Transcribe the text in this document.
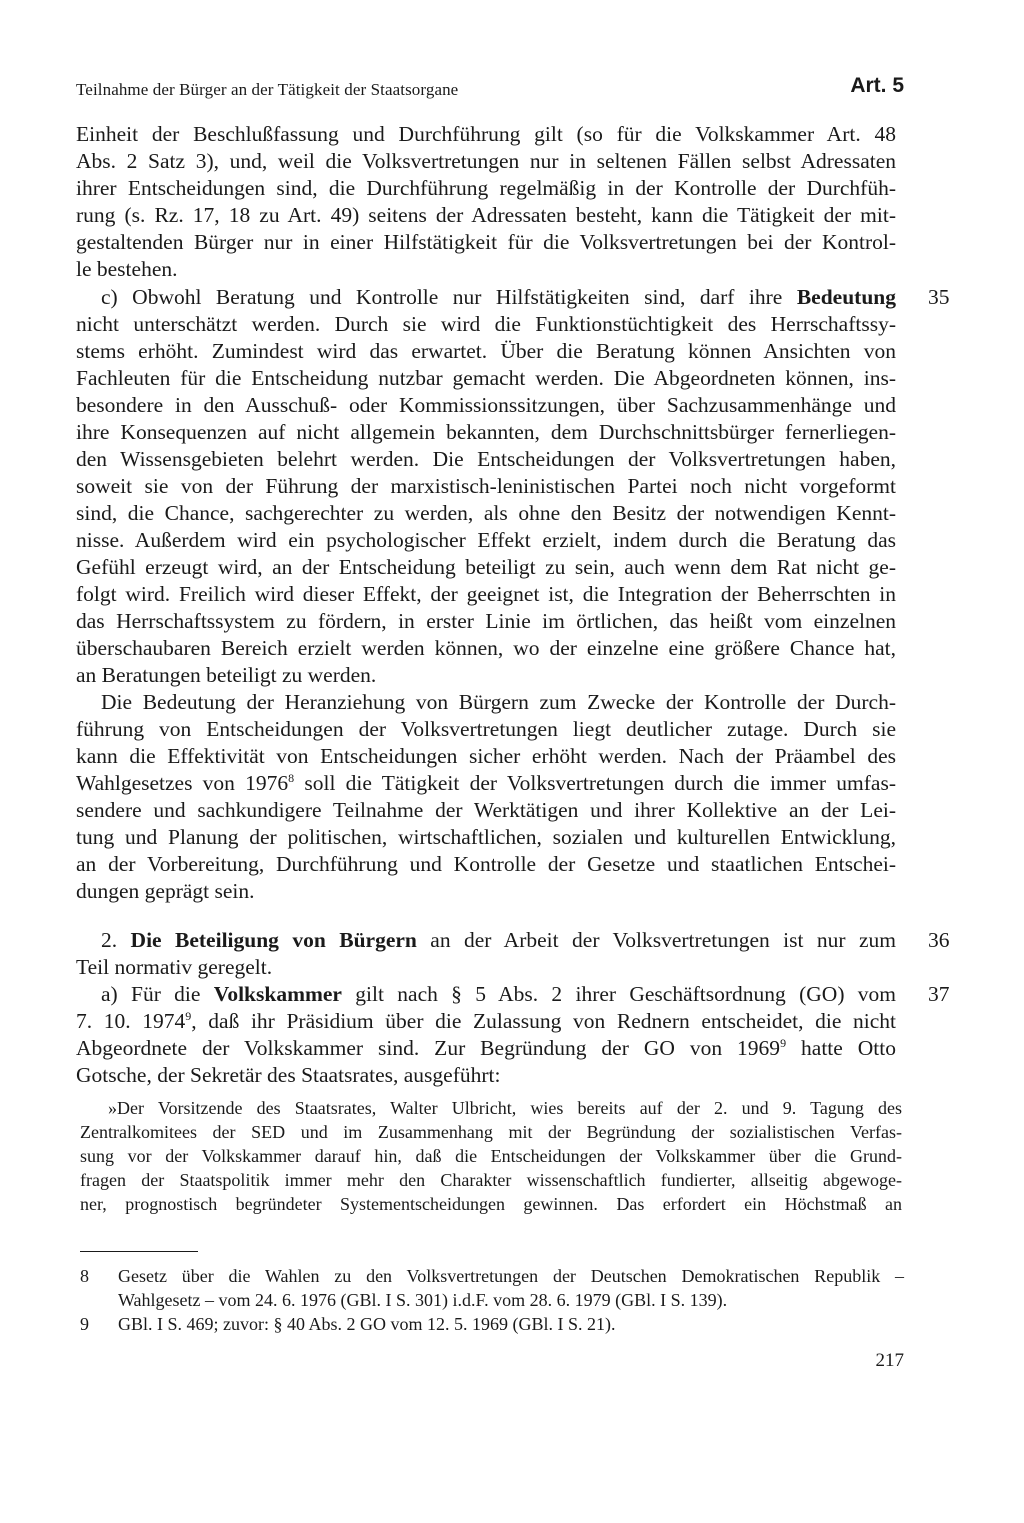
Teilnahme der Bürger an der Tätigkeit der Staatsorgane	Art. 5
Einheit der Beschlußfassung und Durchführung gilt (so für die Volkskammer Art. 48
Abs. 2 Satz 3), und, weil die Volksvertretungen nur in seltenen Fällen selbst Adressaten
ihrer Entscheidungen sind, die Durchführung regelmäßig in der Kontrolle der Durchfüh-
rung (s. Rz. 17, 18 zu Art. 49) seitens der Adressaten besteht, kann die Tätigkeit der mit-
gestaltenden Bürger nur in einer Hilfstätigkeit für die Volksvertretungen bei der Kontrol-
le bestehen.
c) Obwohl Beratung und Kontrolle nur Hilfstätigkeiten sind, darf ihre Bedeutung 35
nicht unterschätzt werden. Durch sie wird die Funktionstüchtigkeit des Herrschaftssy-
stems erhöht. Zumindest wird das erwartet. Über die Beratung können Ansichten von
Fachleuten für die Entscheidung nutzbar gemacht werden. Die Abgeordneten können, ins-
besondere in den Ausschuß- oder Kommissionssitzungen, über Sachzusammenhänge und
ihre Konsequenzen auf nicht allgemein bekannten, dem Durchschnittsbürger fernerliegen-
den Wissensgebieten belehrt werden. Die Entscheidungen der Volksvertretungen haben,
soweit sie von der Führung der marxistisch-leninistischen Partei noch nicht vorgeformt
sind, die Chance, sachgerechter zu werden, als ohne den Besitz der notwendigen Kennt-
nisse. Außerdem wird ein psychologischer Effekt erzielt, indem durch die Beratung das
Gefühl erzeugt wird, an der Entscheidung beteiligt zu sein, auch wenn dem Rat nicht ge-
folgt wird. Freilich wird dieser Effekt, der geeignet ist, die Integration der Beherrschten in
das Herrschaftssystem zu fördern, in erster Linie im örtlichen, das heißt vom einzelnen
überschaubaren Bereich erzielt werden können, wo der einzelne eine größere Chance hat,
an Beratungen beteiligt zu werden.
Die Bedeutung der Heranziehung von Bürgern zum Zwecke der Kontrolle der Durch-
führung von Entscheidungen der Volksvertretungen liegt deutlicher zutage. Durch sie
kann die Effektivität von Entscheidungen sicher erhöht werden. Nach der Präambel des
Wahlgesetzes von 1976$^8$ soll die Tätigkeit der Volksvertretungen durch die immer umfas-
sendere und sachkundigere Teilnahme der Werktätigen und ihrer Kollektive an der Lei-
tung und Planung der politischen, wirtschaftlichen, sozialen und kulturellen Entwicklung,
an der Vorbereitung, Durchführung und Kontrolle der Gesetze und staatlichen Entschei-
dungen geprägt sein.
2. Die Beteiligung von Bürgern an der Arbeit der Volksvertretungen ist nur zum 36
Teil normativ geregelt.
a) Für die Volkskammer gilt nach § 5 Abs. 2 ihrer Geschäftsordnung (GO) vom 37
7. 10. 1974$^9$, daß ihr Präsidium über die Zulassung von Rednern entscheidet, die nicht
Abgeordnete der Volkskammer sind. Zur Begründung der GO von 1969$^9$ hatte Otto
Gotsche, der Sekretär des Staatsrates, ausgeführt:
»Der Vorsitzende des Staatsrates, Walter Ulbricht, wies bereits auf der 2. und 9. Tagung des
Zentralkomitees der SED und im Zusammenhang mit der Begründung der sozialistischen Verfas-
sung vor der Volkskammer darauf hin, daß die Entscheidungen der Volkskammer über die Grund-
fragen der Staatspolitik immer mehr den Charakter wissenschaftlich fundierter, allseitig abgewoge-
ner, prognostisch begründeter Systementscheidungen gewinnen. Das erfordert ein Höchstmaß an
8 Gesetz über die Wahlen zu den Volksvertretungen der Deutschen Demokratischen Republik –
Wahlgesetz – vom 24. 6. 1976 (GBl. I S. 301) i.d.F. vom 28. 6. 1979 (GBl. I S. 139).
9 GBl. I S. 469; zuvor: § 40 Abs. 2 GO vom 12. 5. 1969 (GBl. I S. 21).
217
